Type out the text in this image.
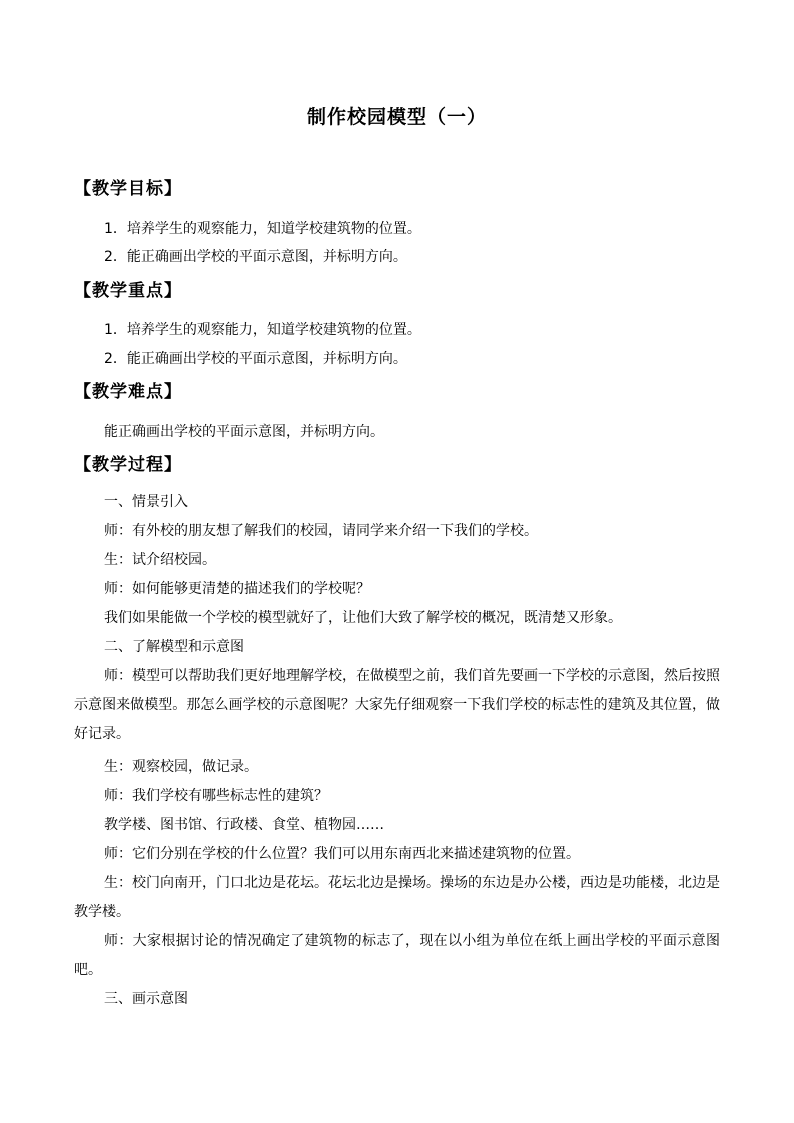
制作校园模型（一）
【教学目标】
1．培养学生的观察能力，知道学校建筑物的位置。
2．能正确画出学校的平面示意图，并标明方向。
【教学重点】
1．培养学生的观察能力，知道学校建筑物的位置。
2．能正确画出学校的平面示意图，并标明方向。
【教学难点】
能正确画出学校的平面示意图，并标明方向。
【教学过程】
一、情景引入
师：有外校的朋友想了解我们的校园，请同学来介绍一下我们的学校。
生：试介绍校园。
师：如何能够更清楚的描述我们的学校呢？
我们如果能做一个学校的模型就好了，让他们大致了解学校的概况，既清楚又形象。
二、了解模型和示意图
师：模型可以帮助我们更好地理解学校，在做模型之前，我们首先要画一下学校的示意图，然后按照示意图来做模型。那怎么画学校的示意图呢？大家先仔细观察一下我们学校的标志性的建筑及其位置，做好记录。
生：观察校园，做记录。
师：我们学校有哪些标志性的建筑？
教学楼、图书馆、行政楼、食堂、植物园……
师：它们分别在学校的什么位置？我们可以用东南西北来描述建筑物的位置。
生：校门向南开，门口北边是花坛。花坛北边是操场。操场的东边是办公楼，西边是功能楼，北边是教学楼。
师：大家根据讨论的情况确定了建筑物的标志了，现在以小组为单位在纸上画出学校的平面示意图吧。
三、画示意图
